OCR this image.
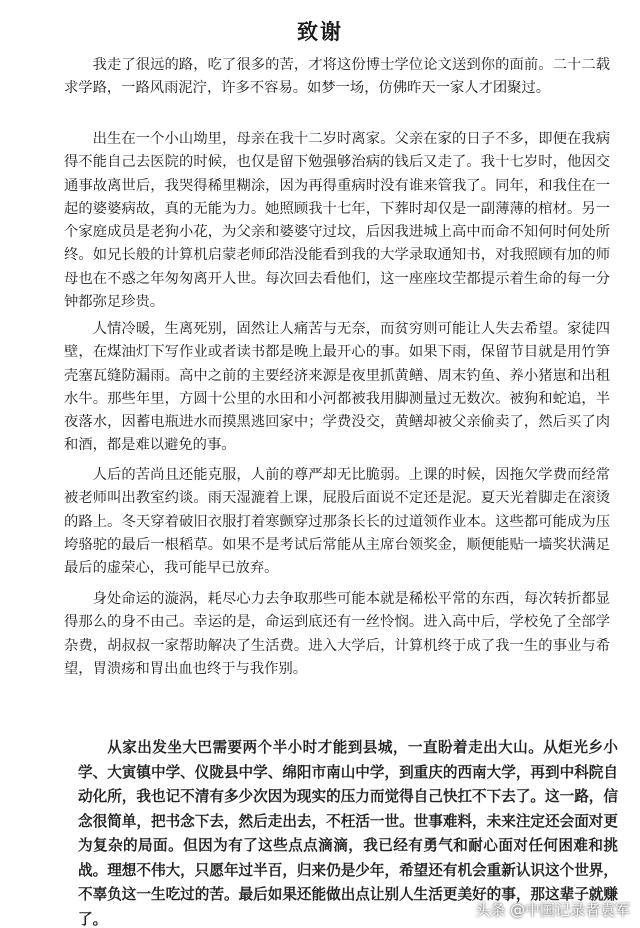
致谢

我走了很远的路，吃了很多的苦，才将这份博士学位论文送到你的面前。二十二载求学路，一路风雨泥泞，许多不容易。如梦一场，仿佛昨天一家人才团聚过。

出生在一个小山坳里，母亲在我十二岁时离家。父亲在家的日子不多，即便在我病得不能自己去医院的时候，也仅是留下勉强够治病的钱后又走了。我十七岁时，他因交通事故离世后，我哭得稀里糊涂，因为再得重病时没有谁来管我了。同年，和我住在一起的婆婆病故，真的无能为力。她照顾我十七年，下葬时却仅是一副薄薄的棺材。另一个家庭成员是老狗小花，为父亲和婆婆守过坟，后因我进城上高中而命不知何时何处所终。如兄长般的计算机启蒙老师邱浩没能看到我的大学录取通知书，对我照顾有加的师母也在不惑之年匆匆离开人世。每次回去看他们，这一座座坟茔都提示着生命的每一分钟都弥足珍贵。

人情冷暖，生离死别，固然让人痛苦与无奈，而贫穷则可能让人失去希望。家徒四壁，在煤油灯下写作业或者读书都是晚上最开心的事。如果下雨，保留节目就是用竹笋壳塞瓦缝防漏雨。高中之前的主要经济来源是夜里抓黄鳝、周末钓鱼、养小猪崽和出租水牛。那些年里，方圆十公里的水田和小河都被我用脚测量过无数次。被狗和蛇追，半夜落水，因蓄电瓶进水而摸黑逃回家中；学费没交，黄鳝却被父亲偷卖了，然后买了肉和酒，都是难以避免的事。

人后的苦尚且还能克服，人前的尊严却无比脆弱。上课的时候，因拖欠学费而经常被老师叫出教室约谈。雨天湿漉着上课，屁股后面说不定还是泥。夏天光着脚走在滚烫的路上。冬天穿着破旧衣服打着寒颤穿过那条长长的过道领作业本。这些都可能成为压垮骆驼的最后一根稻草。如果不是考试后常能从主席台领奖金，顺便能贴一墙奖状满足最后的虚荣心，我可能早已放弃。

身处命运的漩涡，耗尽心力去争取那些可能本就是稀松平常的东西，每次转折都显得那么的身不由己。幸运的是，命运到底还有一丝怜悯。进入高中后，学校免了全部学杂费，胡叔叔一家帮助解决了生活费。进入大学后，计算机终于成了我一生的事业与希望，胃溃疡和胃出血也终于与我作别。

从家出发坐大巴需要两个半小时才能到县城，一直盼着走出大山。从炬光乡小学、大寅镇中学、仪陇县中学、绵阳市南山中学，到重庆的西南大学，再到中科院自动化所，我也记不清有多少次因为现实的压力而觉得自己快扛不下去了。这一路，信念很简单，把书念下去，然后走出去，不枉活一世。世事难料，未来注定还会面对更为复杂的局面。但因为有了这些点点滴滴，我已经有勇气和耐心面对任何困难和挑战。理想不伟大，只愿年过半百，归来仍是少年，希望还有机会重新认识这个世界，不辜负这一生吃过的苦。最后如果还能做出点让别人生活更美好的事，那这辈子就赚了。	头条 @中国记录者袁军
